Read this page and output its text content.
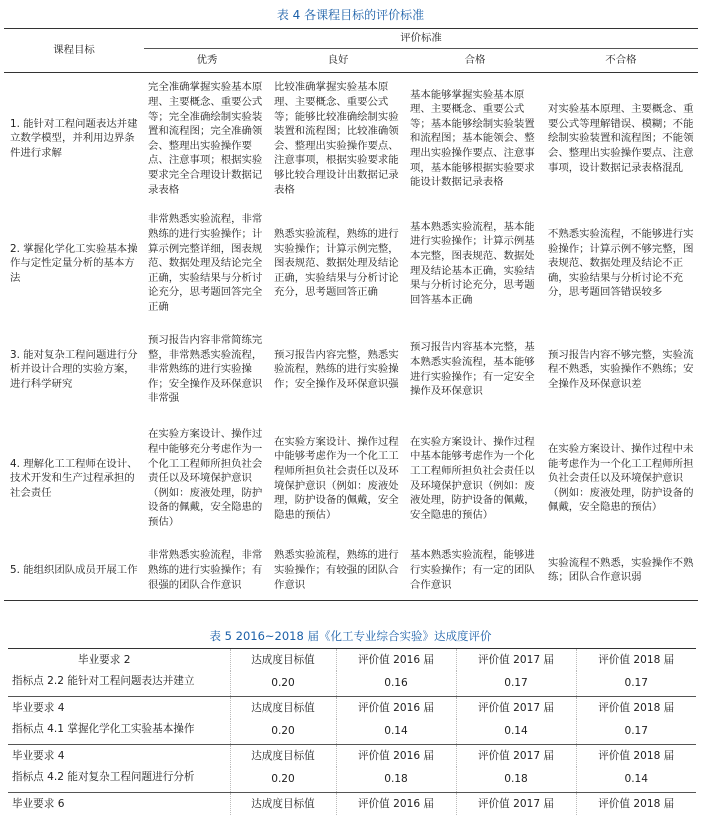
表 4 各课程目标的评价标准
课程目标	评价标准			
	优秀	良好	合格	不合格
1. 能针对工程问题表达并建立数学模型，并利用边界条件进行求解	完全准确掌握实验基本原理、主要概念、重要公式等；完全准确绘制实验装置和流程图；完全准确领会、整理出实验操作要点、注意事项；根据实验要求完全合理设计数据记录表格	比较准确掌握实验基本原理、主要概念、重要公式等；能够比较准确绘制实验装置和流程图；比较准确领会、整理出实验操作要点、注意事项，根据实验要求能够比较合理设计出数据记录表格	基本能够掌握实验基本原理、主要概念、重要公式等；基本能够绘制实验装置和流程图；基本能领会、整理出实验操作要点、注意事项，基本能够根据实验要求能设计数据记录表格	对实验基本原理、主要概念、重要公式等理解错误、模糊；不能绘制实验装置和流程图；不能领会、整理出实验操作要点、注意事项，设计数据记录表格混乱
2. 掌握化学化工实验基本操作与定性定量分析的基本方法	非常熟悉实验流程，非常熟练的进行实验操作；计算示例完整详细，图表规范、数据处理及结论完全正确，实验结果与分析讨论充分，思考题回答完全正确	熟悉实验流程，熟练的进行实验操作；计算示例完整，图表规范、数据处理及结论正确，实验结果与分析讨论充分，思考题回答正确	基本熟悉实验流程，基本能进行实验操作；计算示例基本完整，图表规范、数据处理及结论基本正确，实验结果与分析讨论充分，思考题回答基本正确	不熟悉实验流程，不能够进行实验操作；计算示例不够完整，图表规范、数据处理及结论不正确，实验结果与分析讨论不充分，思考题回答错误较多
3. 能对复杂工程问题进行分析并设计合理的实验方案，进行科学研究	预习报告内容非常简练完整，非常熟悉实验流程，非常熟练的进行实验操作；安全操作及环保意识非常强	预习报告内容完整，熟悉实验流程，熟练的进行实验操作；安全操作及环保意识强	预习报告内容基本完整，基本熟悉实验流程，基本能够进行实验操作；有一定安全操作及环保意识	预习报告内容不够完整，实验流程不熟悉，实验操作不熟练；安全操作及环保意识差
4. 理解化工工程师在设计、技术开发和生产过程承担的社会责任	在实验方案设计、操作过程中能够充分考虑作为一个化工工程师所担负社会责任以及环境保护意识（例如：废液处理，防护设备的佩戴，安全隐患的预估）	在实验方案设计、操作过程中能够考虑作为一个化工工程师所担负社会责任以及环境保护意识（例如：废液处理，防护设备的佩戴，安全隐患的预估）	在实验方案设计、操作过程中基本能够考虑作为一个化工工程师所担负社会责任以及环境保护意识（例如：废液处理，防护设备的佩戴，安全隐患的预估）	在实验方案设计、操作过程中未能考虑作为一个化工工程师所担负社会责任以及环境保护意识（例如：废液处理，防护设备的佩戴，安全隐患的预估）
5. 能组织团队成员开展工作	非常熟悉实验流程，非常熟练的进行实验操作；有很强的团队合作意识	熟悉实验流程，熟练的进行实验操作；有较强的团队合作意识	基本熟悉实验流程，能够进行实验操作；有一定的团队合作意识	实验流程不熟悉，实验操作不熟练；团队合作意识弱
表 5 2016~2018 届《化工专业综合实验》达成度评价
毕业要求 2	达成度目标值	评价值 2016 届	评价值 2017 届	评价值 2018 届
指标点 2.2 能针对工程问题表达并建立	0.20	0.16	0.17	0.17
毕业要求 4	达成度目标值	评价值 2016 届	评价值 2017 届	评价值 2018 届
指标点 4.1 掌握化学化工实验基本操作	0.20	0.14	0.14	0.17
毕业要求 4	达成度目标值	评价值 2016 届	评价值 2017 届	评价值 2018 届
指标点 4.2 能对复杂工程问题进行分析	0.20	0.18	0.18	0.14
毕业要求 6	达成度目标值	评价值 2016 届	评价值 2017 届	评价值 2018 届
